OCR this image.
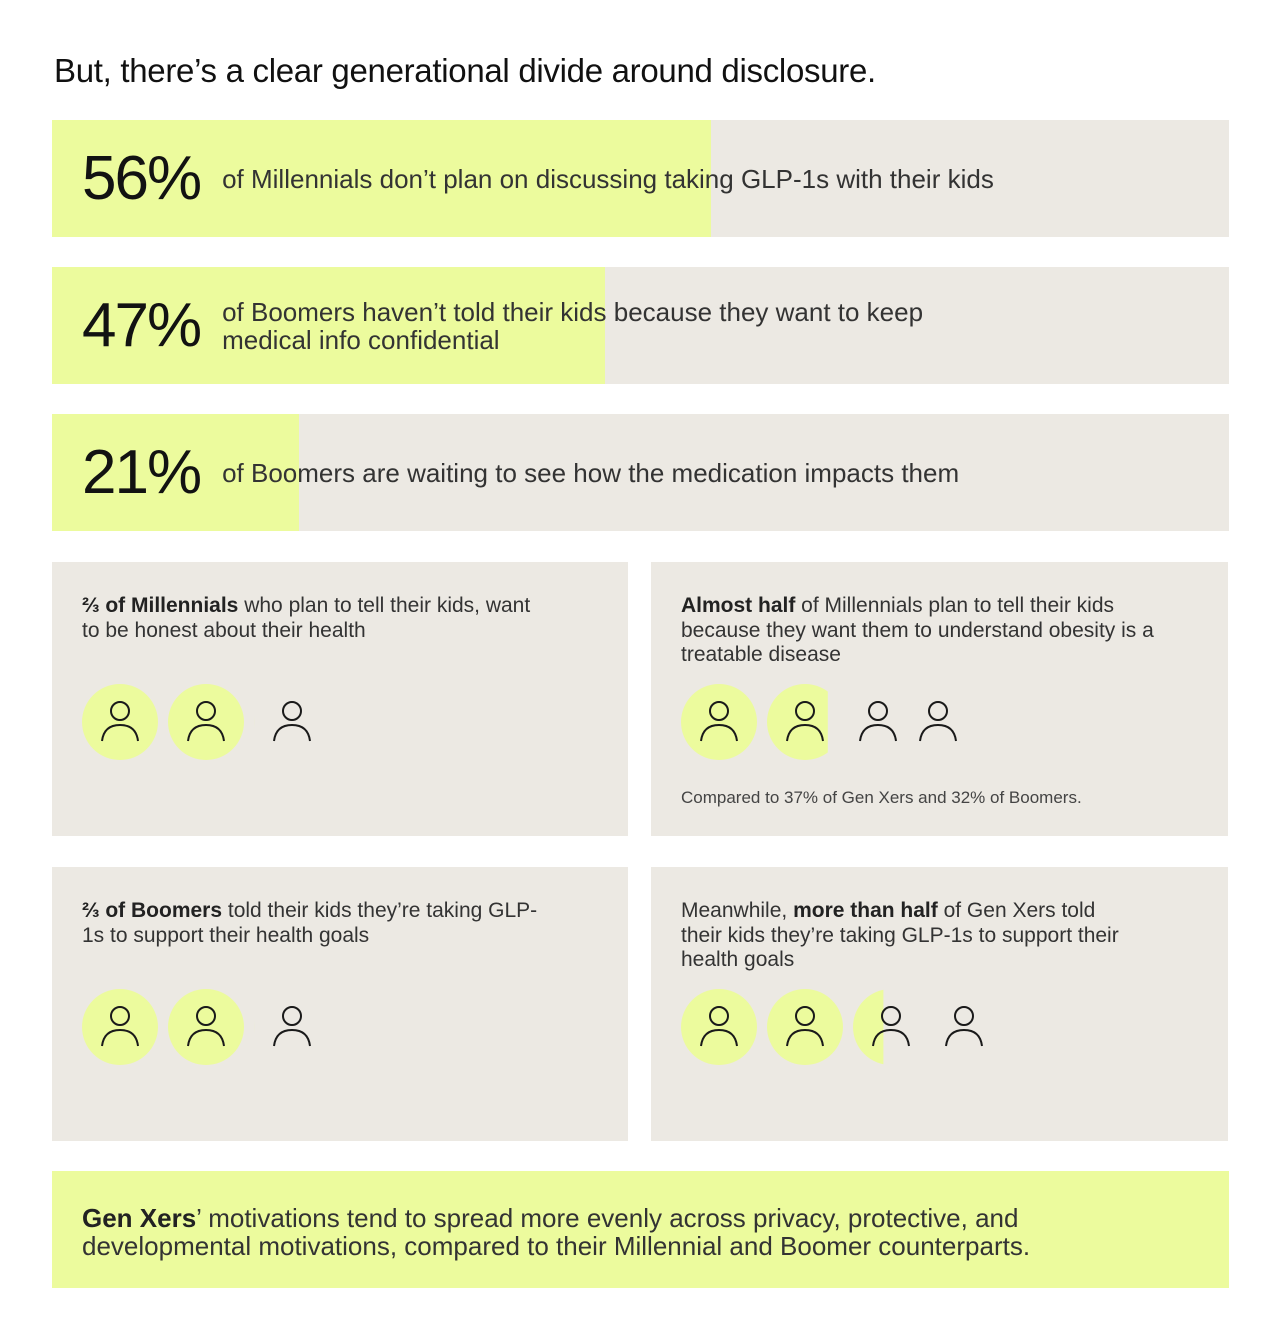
But, there’s a clear generational divide around disclosure.
56% of Millennials don’t plan on discussing taking GLP-1s with their kids
47% of Boomers haven’t told their kids because they want to keep medical info confidential
21% of Boomers are waiting to see how the medication impacts them
⅔ of Millennials who plan to tell their kids, want to be honest about their health
Almost half of Millennials plan to tell their kids because they want them to understand obesity is a treatable disease
Compared to 37% of Gen Xers and 32% of Boomers.
⅔ of Boomers told their kids they’re taking GLP-1s to support their health goals
Meanwhile, more than half of Gen Xers told their kids they’re taking GLP-1s to support their health goals
Gen Xers’ motivations tend to spread more evenly across privacy, protective, and developmental motivations, compared to their Millennial and Boomer counterparts.
